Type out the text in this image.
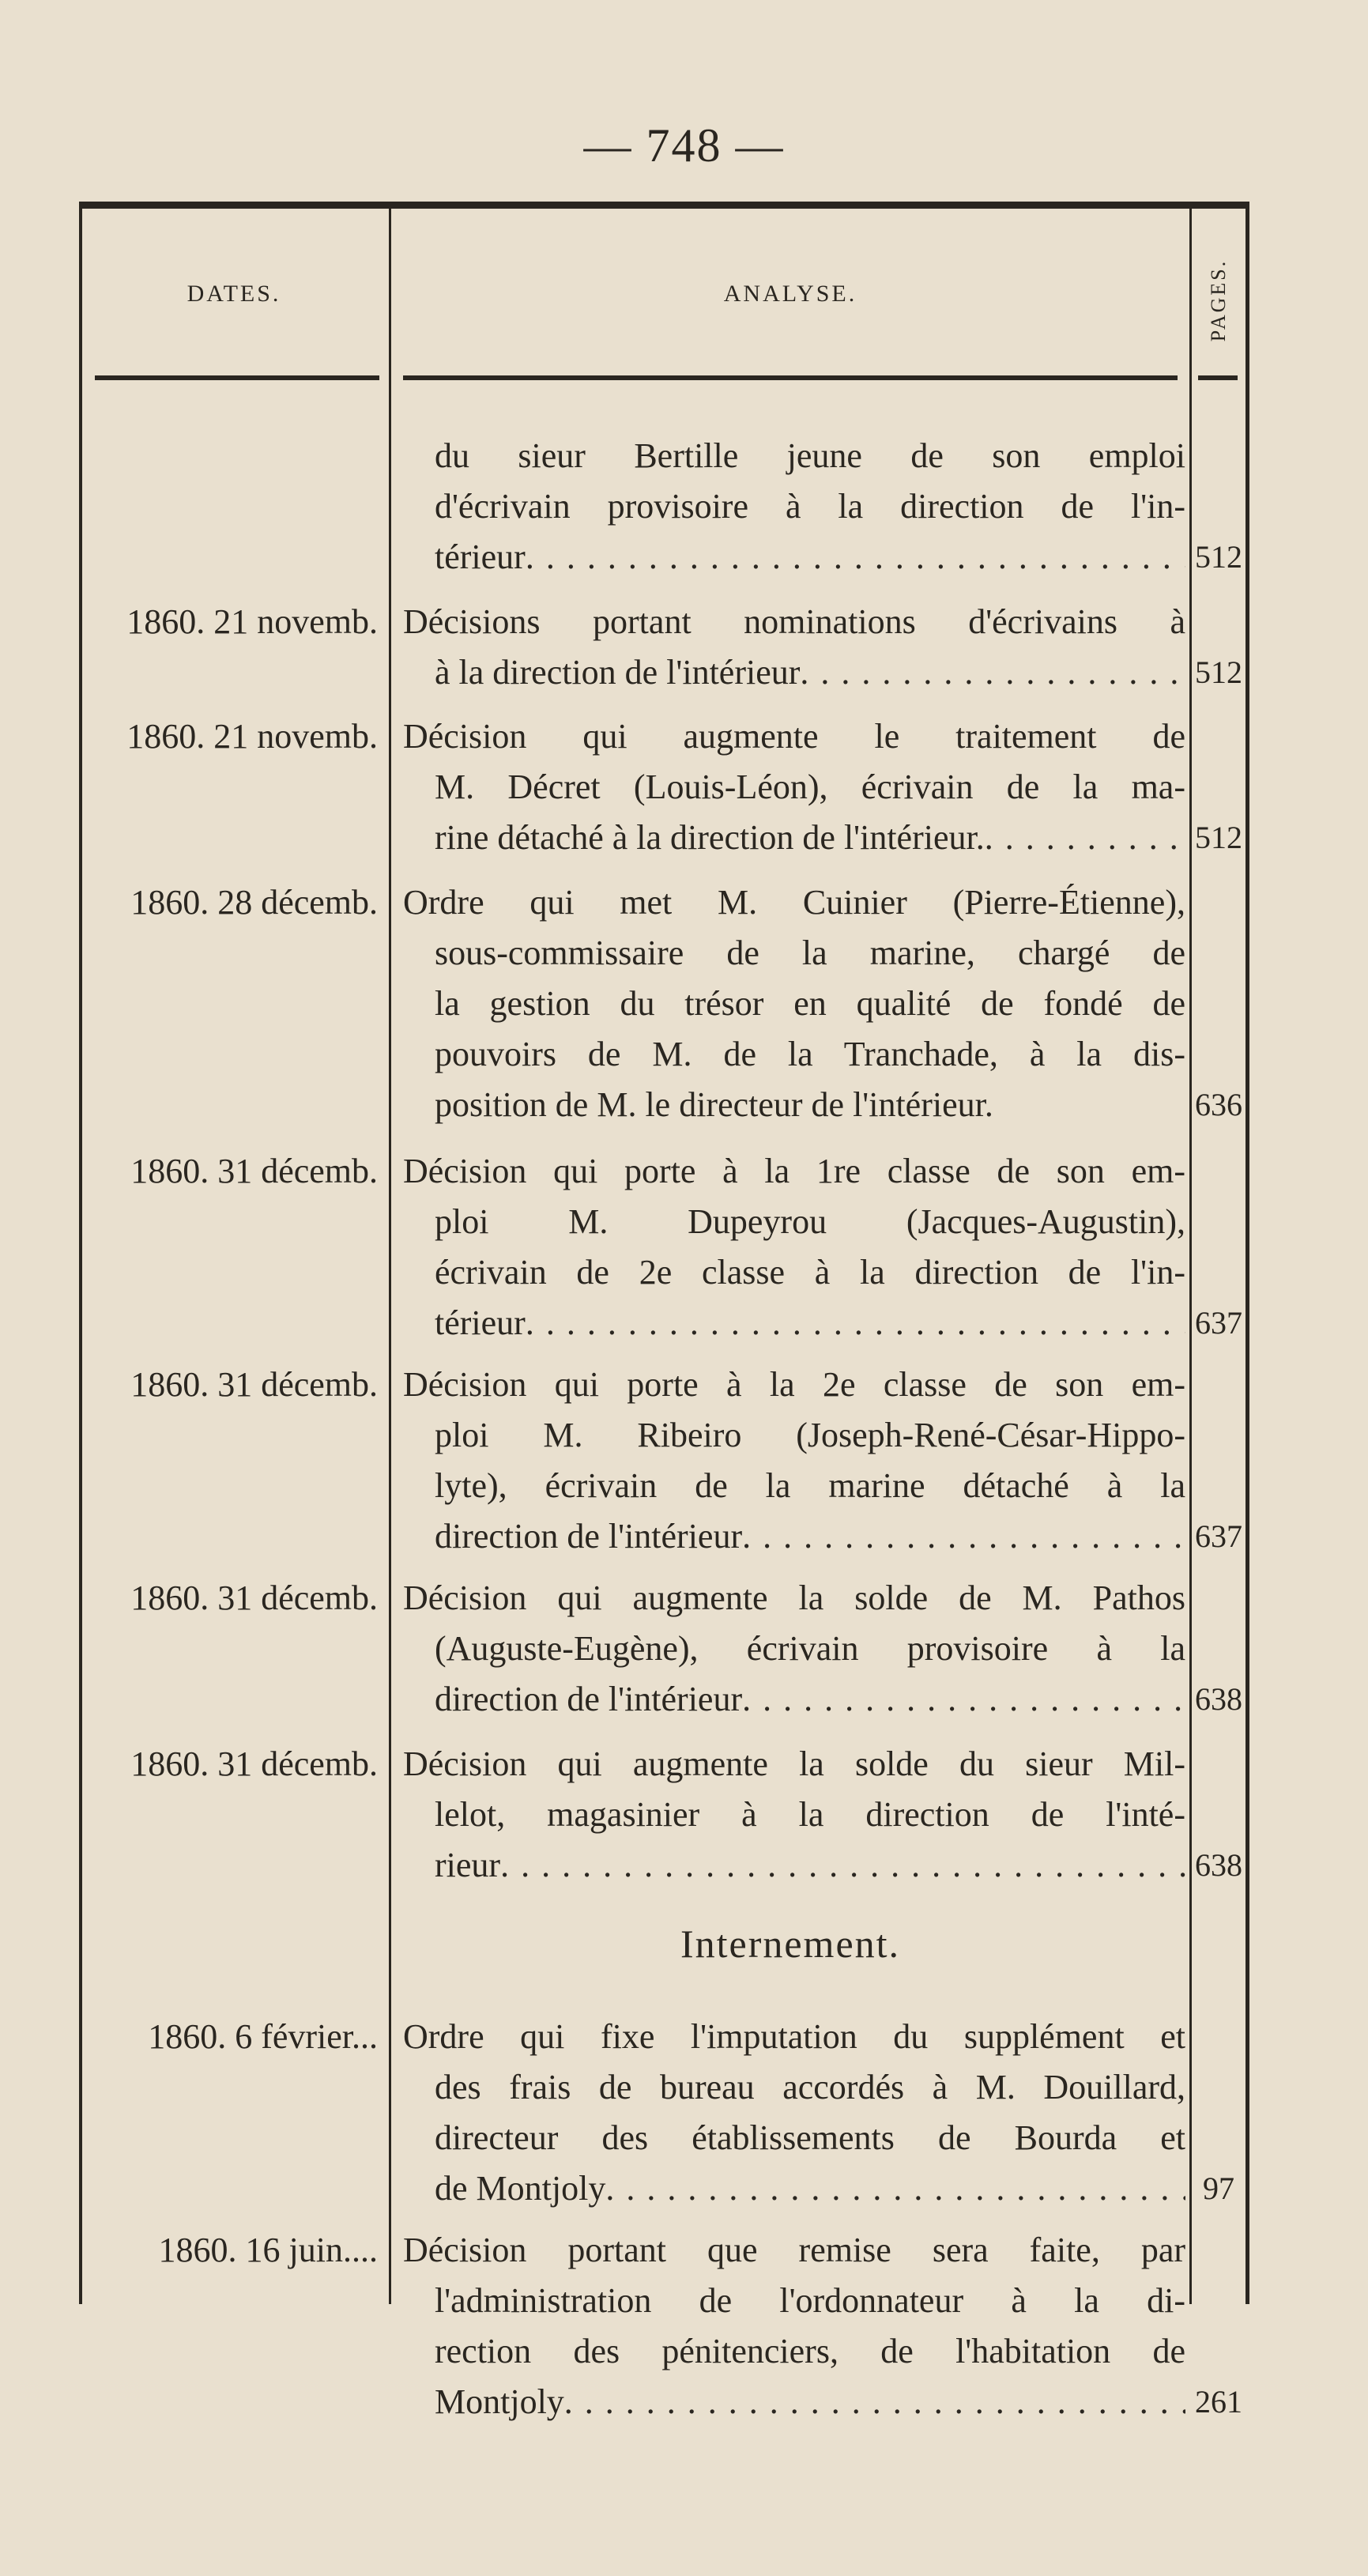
— 748 —
DATES.	ANALYSE.	PAGES.
du sieur Bertille jeune de son emploi
d'écrivain provisoire à la direction de l'in-
térieur . . .	512
1860. 21 novemb. Décisions portant nominations d'écrivains à
à la direction de l'intérieur . . .	512
1860. 21 novemb. Décision qui augmente le traitement de
M. Décret (Louis-Léon), écrivain de la ma-
rine détaché à la direction de l'intérieur. . . .	512
1860. 28 décemb. Ordre qui met M. Cuinier (Pierre-Étienne),
sous-commissaire de la marine, chargé de
la gestion du trésor en qualité de fondé de
pouvoirs de M. de la Tranchade, à la dis-
position de M. le directeur de l'intérieur.	636
1860. 31 décemb. Décision qui porte à la 1re classe de son em-
ploi M. Dupeyrou (Jacques-Augustin),
écrivain de 2e classe à la direction de l'in-
térieur . . .	637
1860. 31 décemb. Décision qui porte à la 2e classe de son em-
ploi M. Ribeiro (Joseph-René-César-Hippo-
lyte), écrivain de la marine détaché à la
direction de l'intérieur . . .	637
1860. 31 décemb. Décision qui augmente la solde de M. Pathos
(Auguste-Eugène), écrivain provisoire à la
direction de l'intérieur . . .	638
1860. 31 décemb. Décision qui augmente la solde du sieur Mil-
lelot, magasinier à la direction de l'inté-
rieur . . .	638
Internement.
1860. 6 février... Ordre qui fixe l'imputation du supplément et
des frais de bureau accordés à M. Douillard,
directeur des établissements de Bourda et
de Montjoly . . .	97
1860. 16 juin.... Décision portant que remise sera faite, par
l'administration de l'ordonnateur à la di-
rection des pénitenciers, de l'habitation de
Montjoly . . .	261
